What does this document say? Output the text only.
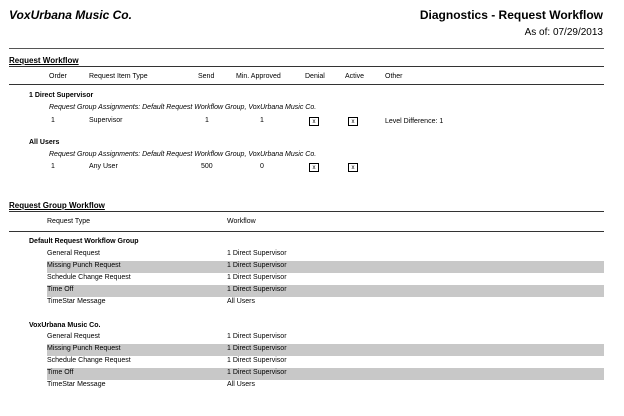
VoxUrbana Music Co.	Diagnostics - Request Workflow
As of: 07/29/2013
Request Workflow
Order	Request Item Type	Send	Min. Approved	Denial	Active	Other
1 Direct Supervisor
Request Group Assignments: Default Request Workflow Group, VoxUrbana Music Co.
1	Supervisor	1	1	x	x	Level Difference: 1
All Users
Request Group Assignments: Default Request Workflow Group, VoxUrbana Music Co.
1	Any User	500	0	x	x
Request Group Workflow
Request Type	Workflow
Default Request Workflow Group
General Request	1 Direct Supervisor
Missing Punch Request	1 Direct Supervisor
Schedule Change Request	1 Direct Supervisor
Time Off	1 Direct Supervisor
TimeStar Message	All Users
VoxUrbana Music Co.
General Request	1 Direct Supervisor
Missing Punch Request	1 Direct Supervisor
Schedule Change Request	1 Direct Supervisor
Time Off	1 Direct Supervisor
TimeStar Message	All Users
